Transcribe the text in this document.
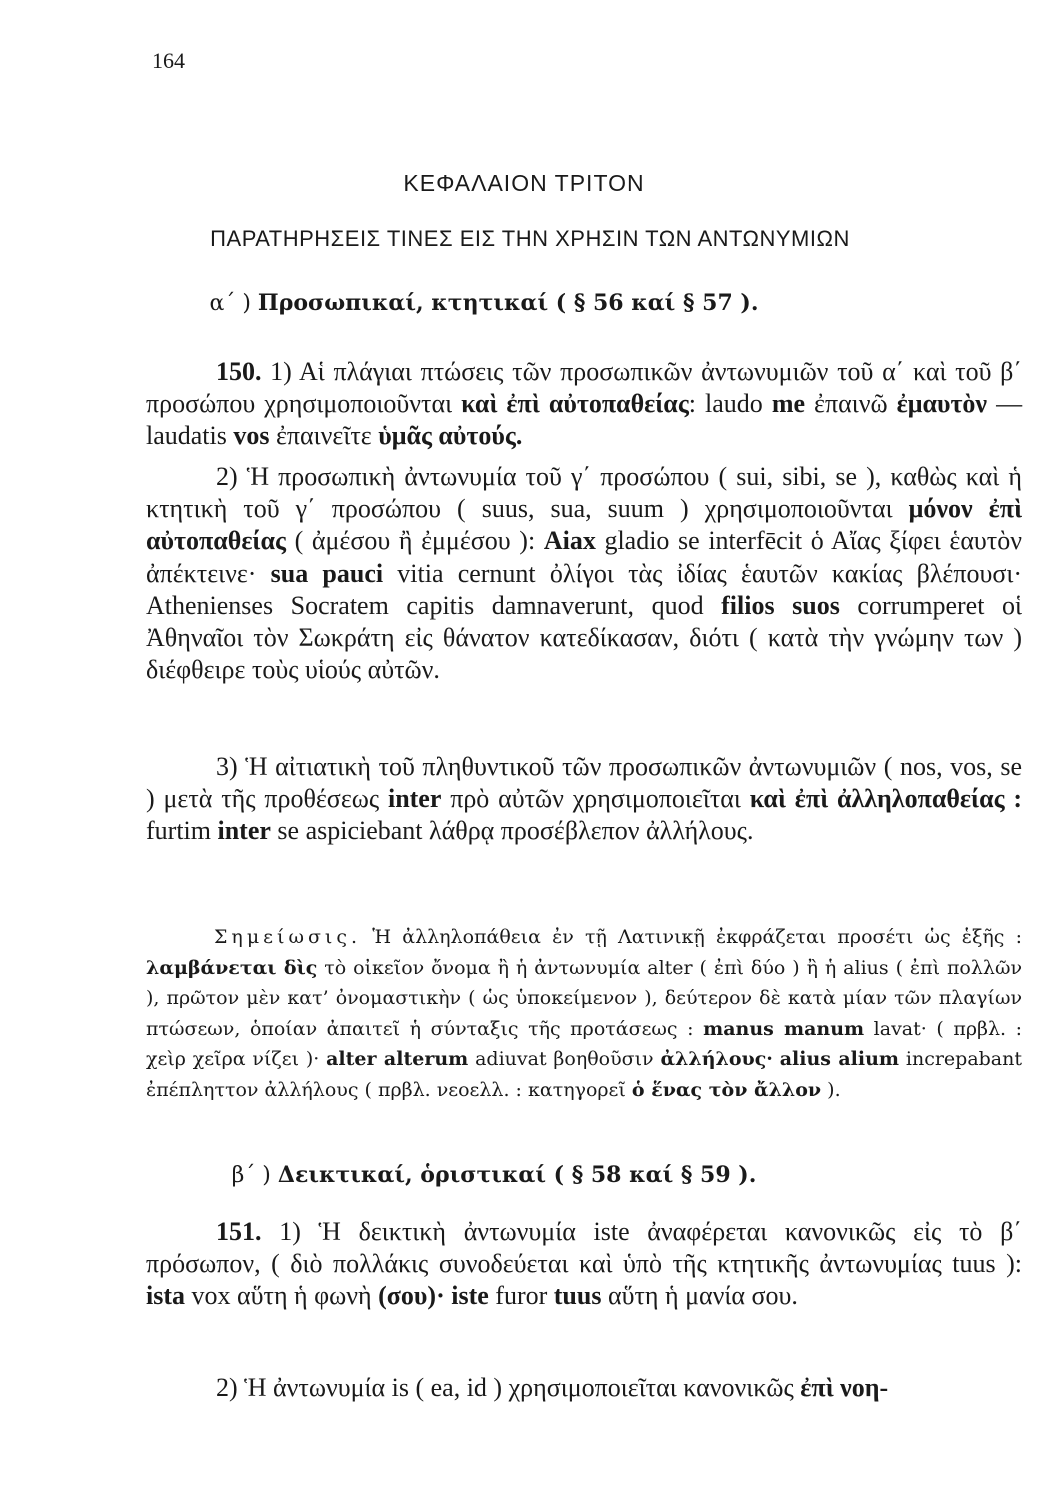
164
ΚΕΦΑΛΑΙΟΝ ΤΡΙΤΟΝ
ΠΑΡΑΤΗΡΗΣΕΙΣ ΤΙΝΕΣ ΕΙΣ ΤΗΝ ΧΡΗΣΙΝ ΤΩΝ ΑΝΤΩΝΥΜΙΩΝ
α΄ ) Προσωπικαί, κτητικαί ( § 56 καί § 57 ).

150. 1) Αἱ πλάγιαι πτώσεις τῶν προσωπικῶν ἀντωνυμιῶν τοῦ α΄ καὶ τοῦ β΄ προσώπου χρησιμοποιοῦνται καὶ ἐπὶ αὐτοπαθείας: laudo me ἐπαινῶ ἐμαυτὸν — laudatis vos ἐπαινεῖτε ὑμᾶς αὐτούς.

2) Ἡ προσωπικὴ ἀντωνυμία τοῦ γ΄ προσώπου ( sui, sibi, se ), καθὼς καὶ ἡ κτητικὴ τοῦ γ΄ προσώπου ( suus, sua, suum ) χρησιμοποιοῦνται μόνον ἐπὶ αὐτοπαθείας ( ἀμέσου ἢ ἐμμέσου ): Aiax gladio se interfēcit ὁ Αἴας ξίφει ἑαυτὸν ἀπέκτεινε· sua pauci vitia cernunt ὀλίγοι τὰς ἰδίας ἑαυτῶν κακίας βλέπουσι· Athenienses Socratem capitis damnaverunt, quod filios suos corrumperet οἱ Ἀθηναῖοι τὸν Σωκράτη εἰς θάνατον κατεδίκασαν, διότι ( κατὰ τὴν γνώμην των ) διέφθειρε τοὺς υἱούς αὐτῶν.

3) Ἡ αἰτιατικὴ τοῦ πληθυντικοῦ τῶν προσωπικῶν ἀντωνυμιῶν ( nos, vos, se ) μετὰ τῆς προθέσεως inter πρὸ αὐτῶν χρησιμοποιεῖται καὶ ἐπὶ ἀλληλοπαθείας : furtim inter se aspiciebant λάθρᾳ προσέβλεπον ἀλλήλους.

Σημείωσις. Ἡ ἀλληλοπάθεια ἐν τῇ Λατινικῇ ἐκφράζεται προσέτι ὡς ἑξῆς : λαμβάνεται δὶς τὸ οἰκεῖον ὄνομα ἢ ἡ ἀντωνυμία alter ( ἐπὶ δύο ) ἢ ἡ alius ( ἐπὶ πολλῶν ), πρῶτον μὲν κατ’ ὀνομαστικὴν ( ὡς ὑποκείμενον ), δεύτερον δὲ κατὰ μίαν τῶν πλαγίων πτώσεων, ὁποίαν ἀπαιτεῖ ἡ σύνταξις τῆς προτάσεως : manus manum lavat· ( πρβλ. : χεὶρ χεῖρα νίζει )· alter alterum adiuvat βοηθοῦσιν ἀλλήλους· alius alium increpabant ἐπέπληττον ἀλλήλους ( πρβλ. νεοελλ. : κατηγορεῖ ὁ ἕνας τὸν ἄλλον ).

β΄ ) Δεικτικαί, ὁριστικαί ( § 58 καί § 59 ).

151. 1) Ἡ δεικτικὴ ἀντωνυμία iste ἀναφέρεται κανονικῶς εἰς τὸ β΄ πρόσωπον, ( διὸ πολλάκις συνοδεύεται καὶ ὑπὸ τῆς κτητικῆς ἀντωνυμίας tuus ): ista vox αὕτη ἡ φωνὴ (σου)· iste furor tuus αὕτη ἡ μανία σου.

2) Ἡ ἀντωνυμία is ( ea, id ) χρησιμοποιεῖται κανονικῶς ἐπὶ νοη-
